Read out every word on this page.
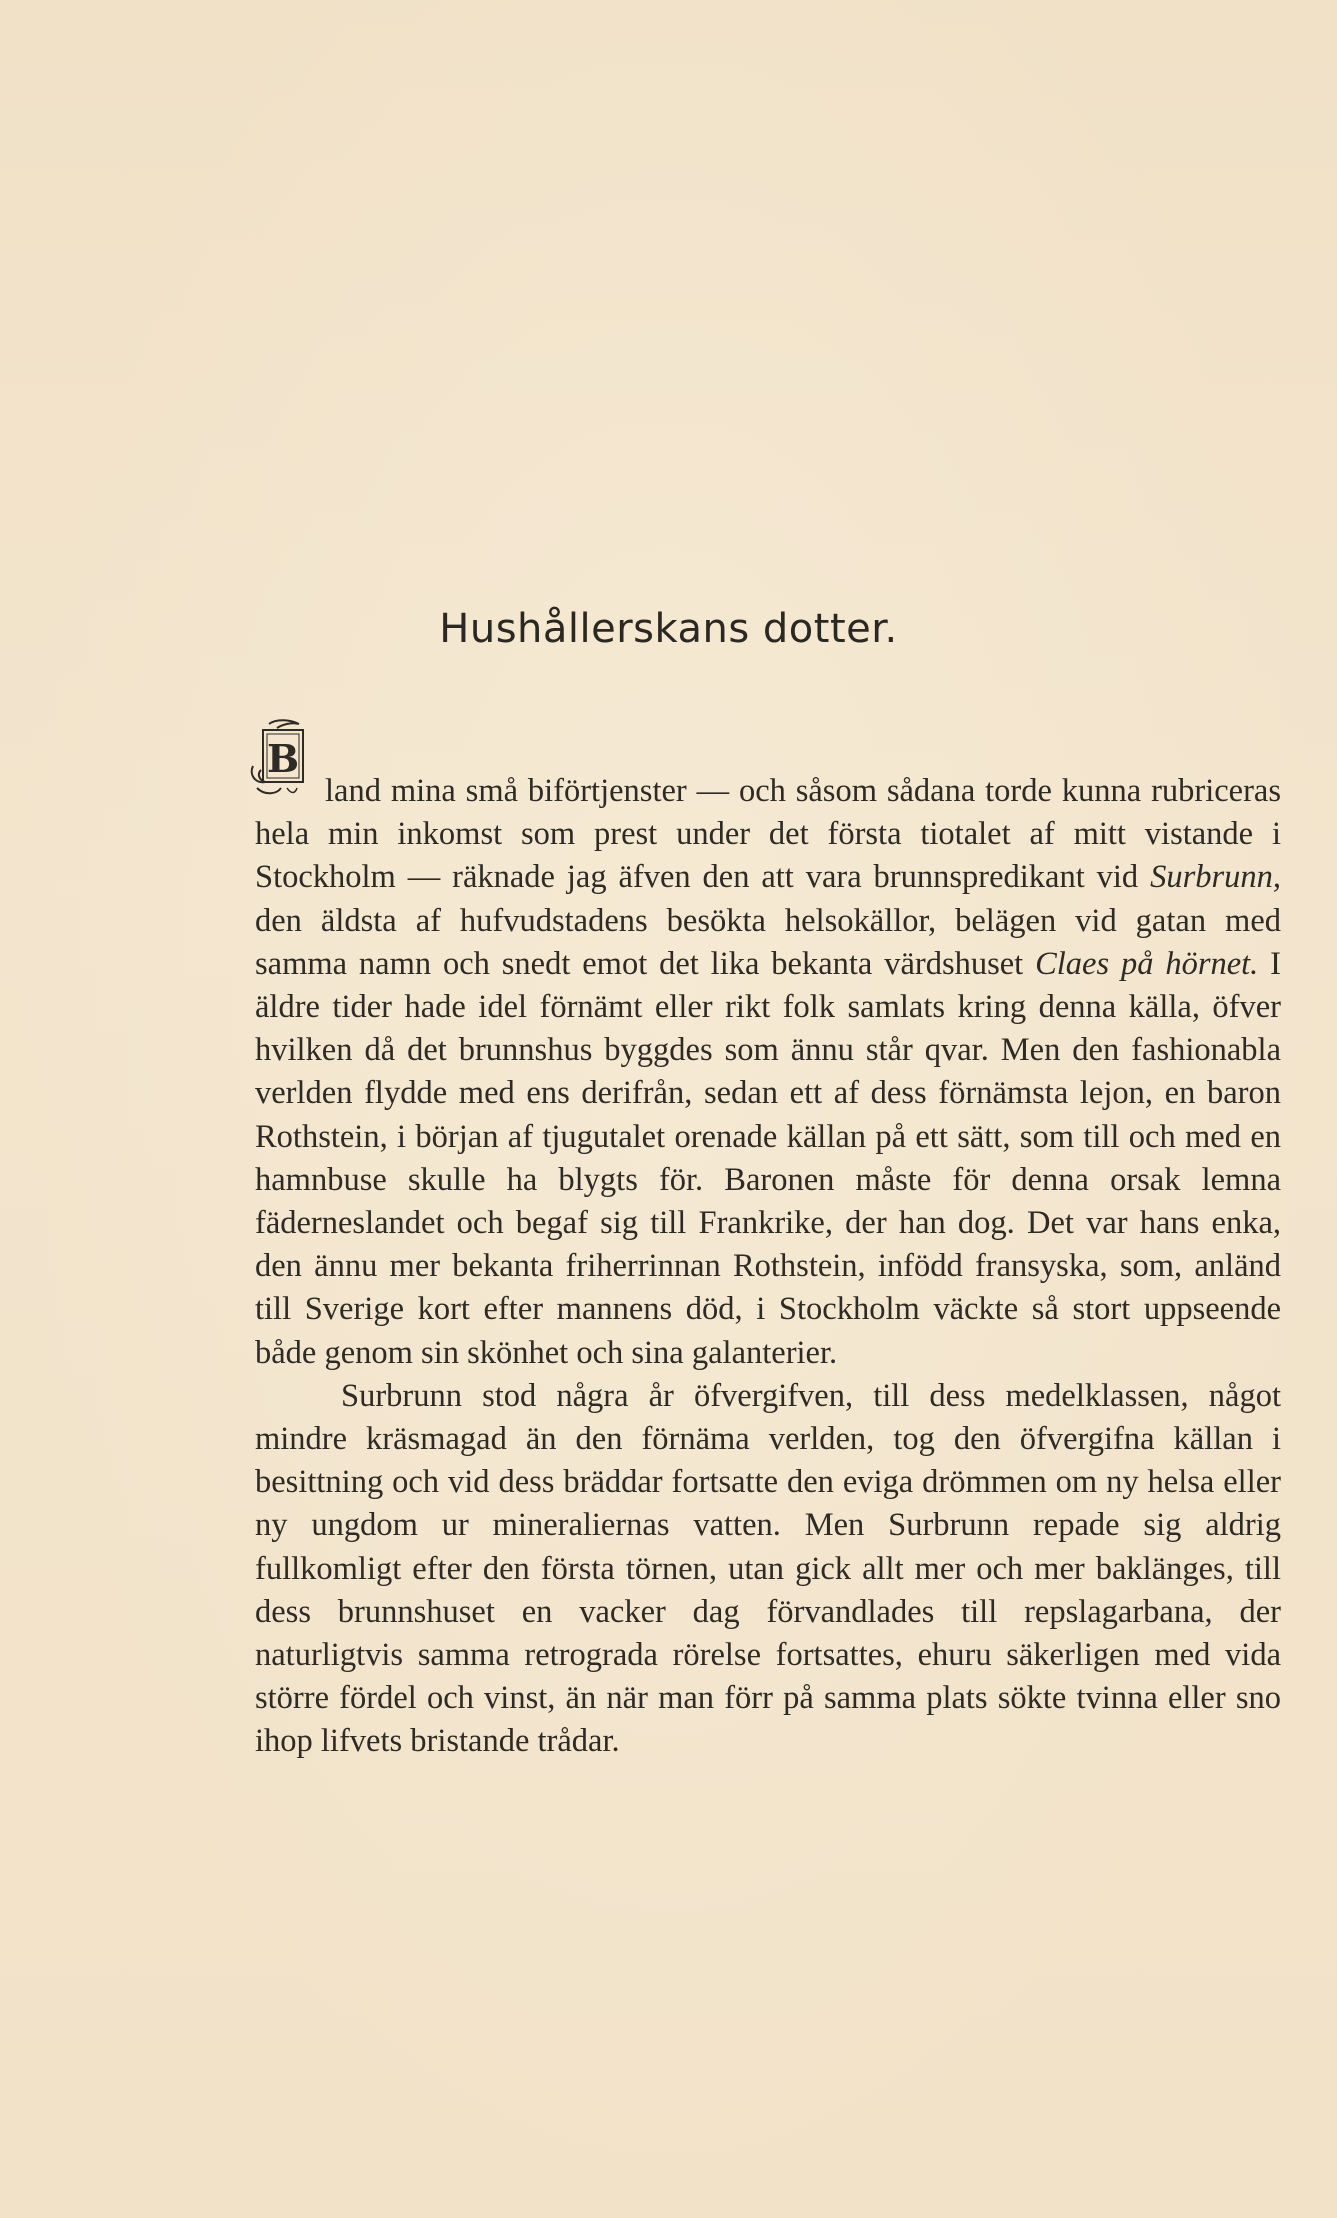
Hushållerskans dotter.

B
land mina små biförtjenster — och såsom sådana torde kunna rubriceras hela min inkomst som prest under det första tiotalet af mitt vistande i Stockholm — räknade jag äfven den att vara brunnspredikant vid Surbrunn, den äldsta af hufvudstadens besökta helsokällor, belägen vid gatan med samma namn och snedt emot det lika bekanta värdshuset Claes på hörnet. I äldre tider hade idel förnämt eller rikt folk samlats kring denna källa, öfver hvilken då det brunnshus byggdes som ännu står qvar. Men den fashionabla verlden flydde med ens derifrån, sedan ett af dess förnämsta lejon, en baron Rothstein, i början af tjugutalet orenade källan på ett sätt, som till och med en hamnbuse skulle ha blygts för. Baronen måste för denna orsak lemna fäderneslandet och begaf sig till Frankrike, der han dog. Det var hans enka, den ännu mer bekanta friherrinnan Rothstein, infödd fransyska, som, anländ till Sverige kort efter mannens död, i Stockholm väckte så stort uppseende både genom sin skönhet och sina galanterier.

Surbrunn stod några år öfvergifven, till dess medelklassen, något mindre kräsmagad än den förnäma verlden, tog den öfvergifna källan i besittning och vid dess bräddar fortsatte den eviga drömmen om ny helsa eller ny ungdom ur mineraliernas vatten. Men Surbrunn repade sig aldrig fullkomligt efter den första törnen, utan gick allt mer och mer baklänges, till dess brunnshuset en vacker dag förvandlades till repslagarbana, der naturligtvis samma retrograda rörelse fortsattes, ehuru säkerligen med vida större fördel och vinst, än när man förr på samma plats sökte tvinna eller sno ihop lifvets bristande trådar.
